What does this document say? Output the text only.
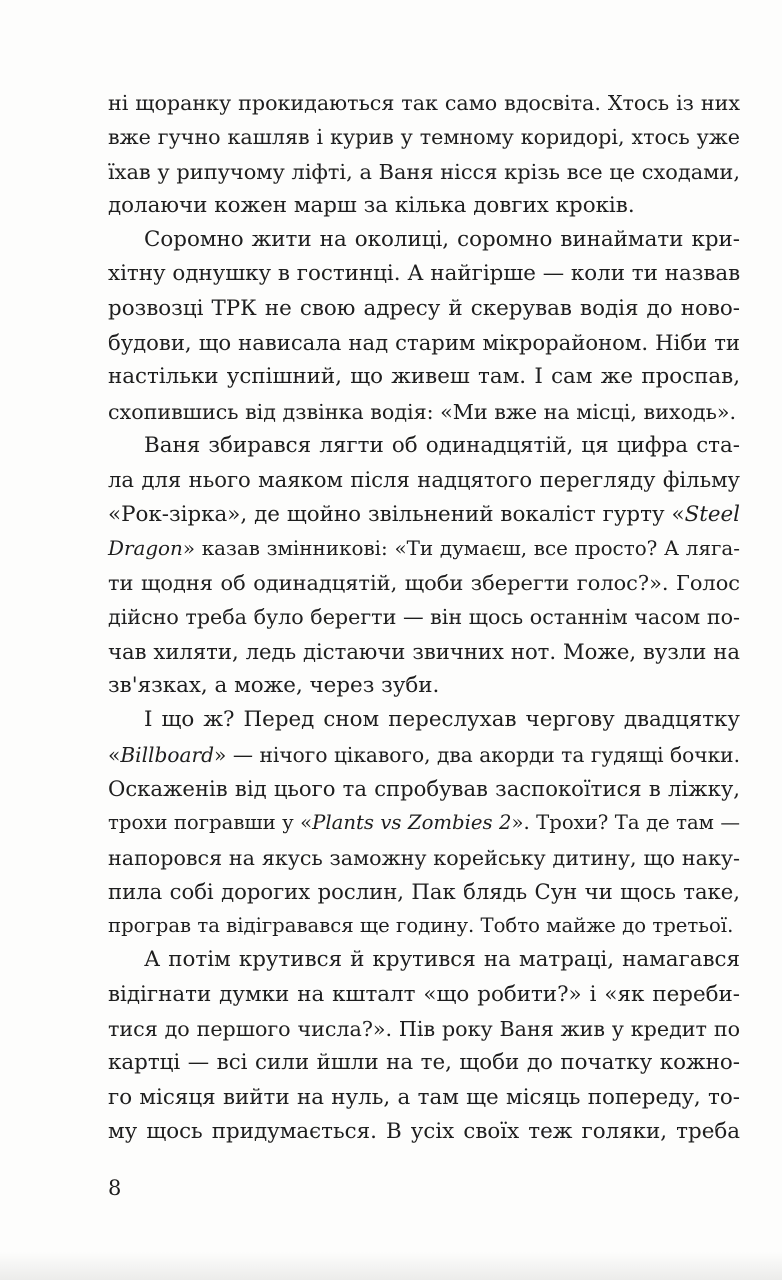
ні щоранку прокидаються так само вдосвіта. Хтось із них
вже гучно кашляв і курив у темному коридорі, хтось уже
їхав у рипучому ліфті, а Ваня нісся крізь все це сходами,
долаючи кожен марш за кілька довгих кроків.

Соромно жити на околиці, соромно винаймати кри-
хітну однушку в гостинці. А найгірше — коли ти назвав
розвозці ТРК не свою адресу й скерував водія до ново-
будови, що нависала над старим мікрорайоном. Ніби ти
настільки успішний, що живеш там. І сам же проспав,
схопившись від дзвінка водія: «Ми вже на місці, виходь».

Ваня збирався лягти об одинадцятій, ця цифра ста-
ла для нього маяком після надцятого перегляду фільму
«Рок-зірка», де щойно звільнений вокаліст гурту «Steel
Dragon» казав змінникові: «Ти думаєш, все просто? А ляга-
ти щодня об одинадцятій, щоби зберегти голос?». Голос
дійсно треба було берегти — він щось останнім часом по-
чав хиляти, ледь дістаючи звичних нот. Може, вузли на
зв'язках, а може, через зуби.

І що ж? Перед сном переслухав чергову двадцятку
«Billboard» — нічого цікавого, два акорди та гудящі бочки.
Оскаженів від цього та спробував заспокоїтися в ліжку,
трохи погравши у «Plants vs Zombies 2». Трохи? Та де там —
напоровся на якусь заможну корейську дитину, що наку-
пила собі дорогих рослин, Пак блядь Сун чи щось таке,
програв та відігравався ще годину. Тобто майже до третьої.

А потім крутився й крутився на матраці, намагався
відігнати думки на кшталт «що робити?» і «як переби-
тися до першого числа?». Пів року Ваня жив у кредит по
картці — всі сили йшли на те, щоби до початку кожно-
го місяця вийти на нуль, а там ще місяць попереду, то-
му щось придумається. В усіх своїх теж голяки, треба

8
